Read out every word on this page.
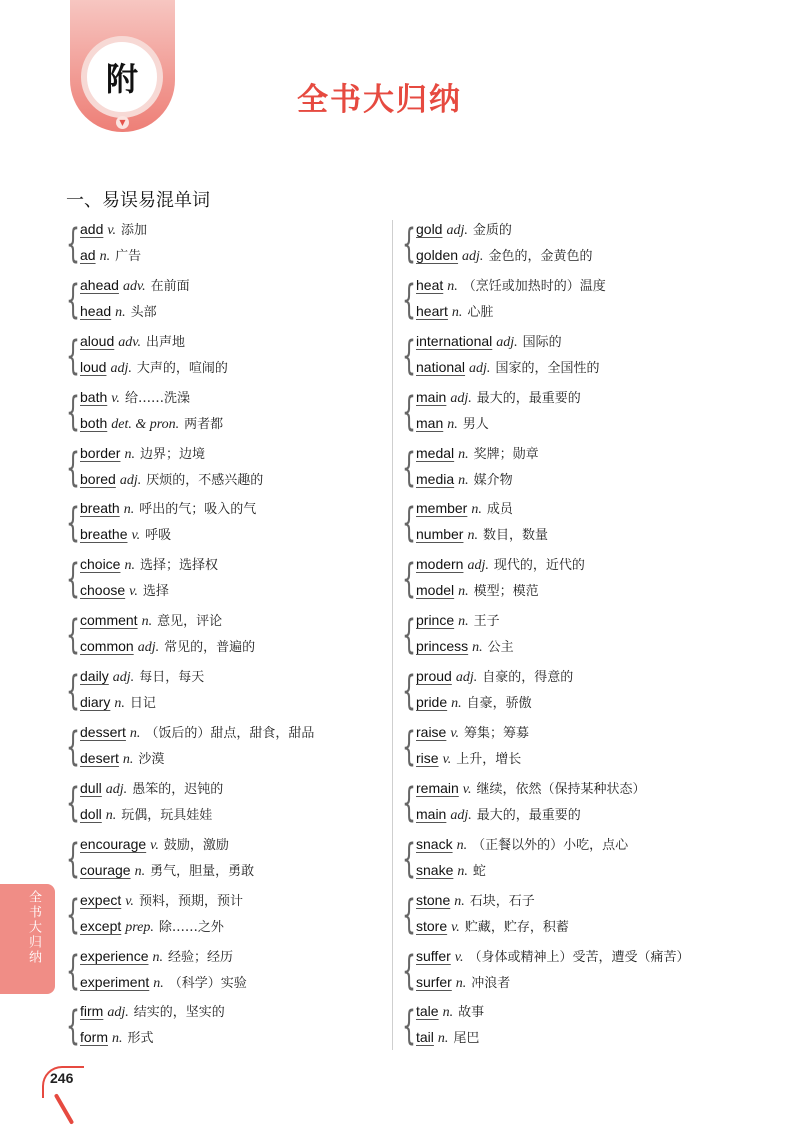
附
▼
全书大归纳
一、易误易混单词
{ add v. 添加
ad n. 广告
{ ahead adv. 在前面
head n. 头部
{ aloud adv. 出声地
loud adj. 大声的，喧闹的
{ bath v. 给……洗澡
both det. & pron. 两者都
{ border n. 边界；边境
bored adj. 厌烦的，不感兴趣的
{ breath n. 呼出的气；吸入的气
breathe v. 呼吸
{ choice n. 选择；选择权
choose v. 选择
{ comment n. 意见，评论
common adj. 常见的，普遍的
{ daily adj. 每日，每天
diary n. 日记
{ dessert n. （饭后的）甜点，甜食，甜品
desert n. 沙漠
{ dull adj. 愚笨的，迟钝的
doll n. 玩偶，玩具娃娃
{ encourage v. 鼓励，激励
courage n. 勇气，胆量，勇敢
{ expect v. 预料，预期，预计
except prep. 除……之外
{ experience n. 经验；经历
experiment n. （科学）实验
{ firm adj. 结实的，坚实的
form n. 形式
{ gold adj. 金质的
golden adj. 金色的，金黄色的
{ heat n. （烹饪或加热时的）温度
heart n. 心脏
{ international adj. 国际的
national adj. 国家的，全国性的
{ main adj. 最大的，最重要的
man n. 男人
{ medal n. 奖牌；勋章
media n. 媒介物
{ member n. 成员
number n. 数目，数量
{ modern adj. 现代的，近代的
model n. 模型；模范
{ prince n. 王子
princess n. 公主
{ proud adj. 自豪的，得意的
pride n. 自豪，骄傲
{ raise v. 筹集；筹募
rise v. 上升，增长
{ remain v. 继续，依然（保持某种状态）
main adj. 最大的，最重要的
{ snack n. （正餐以外的）小吃，点心
snake n. 蛇
{ stone n. 石块，石子
store v. 贮藏，贮存，积蓄
{ suffer v. （身体或精神上）受苦，遭受（痛苦）
surfer n. 冲浪者
{ tale n. 故事
tail n. 尾巴
全书大归纳
246
